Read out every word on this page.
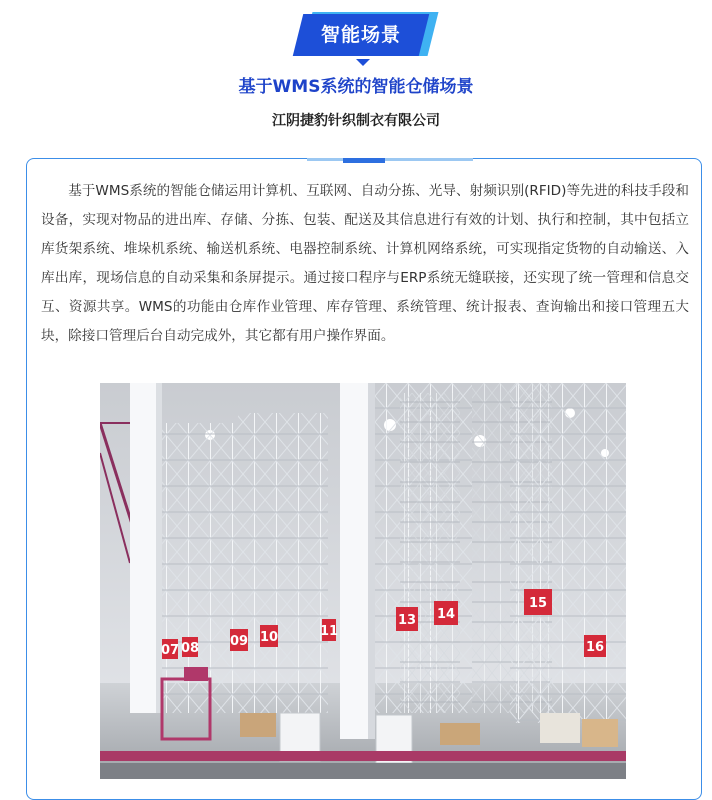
智能场景
基于WMS系统的智能仓储场景
江阴捷豹针织制衣有限公司

基于WMS系统的智能仓储运用计算机、互联网、自动分拣、光导、射频识别(RFID)等先进的科技手段和设备，实现对物品的进出库、存储、分拣、包装、配送及其信息进行有效的计划、执行和控制，其中包括立库货架系统、堆垛机系统、输送机系统、电器控制系统、计算机网络系统，可实现指定货物的自动输送、入库出库，现场信息的自动采集和条屏提示。通过接口程序与ERP系统无缝联接，还实现了统一管理和信息交互、资源共享。WMS的功能由仓库作业管理、库存管理、系统管理、统计报表、查询输出和接口管理五大块，除接口管理后台自动完成外，其它都有用户操作界面。

07 08 09 10	11
13 14
15
16
